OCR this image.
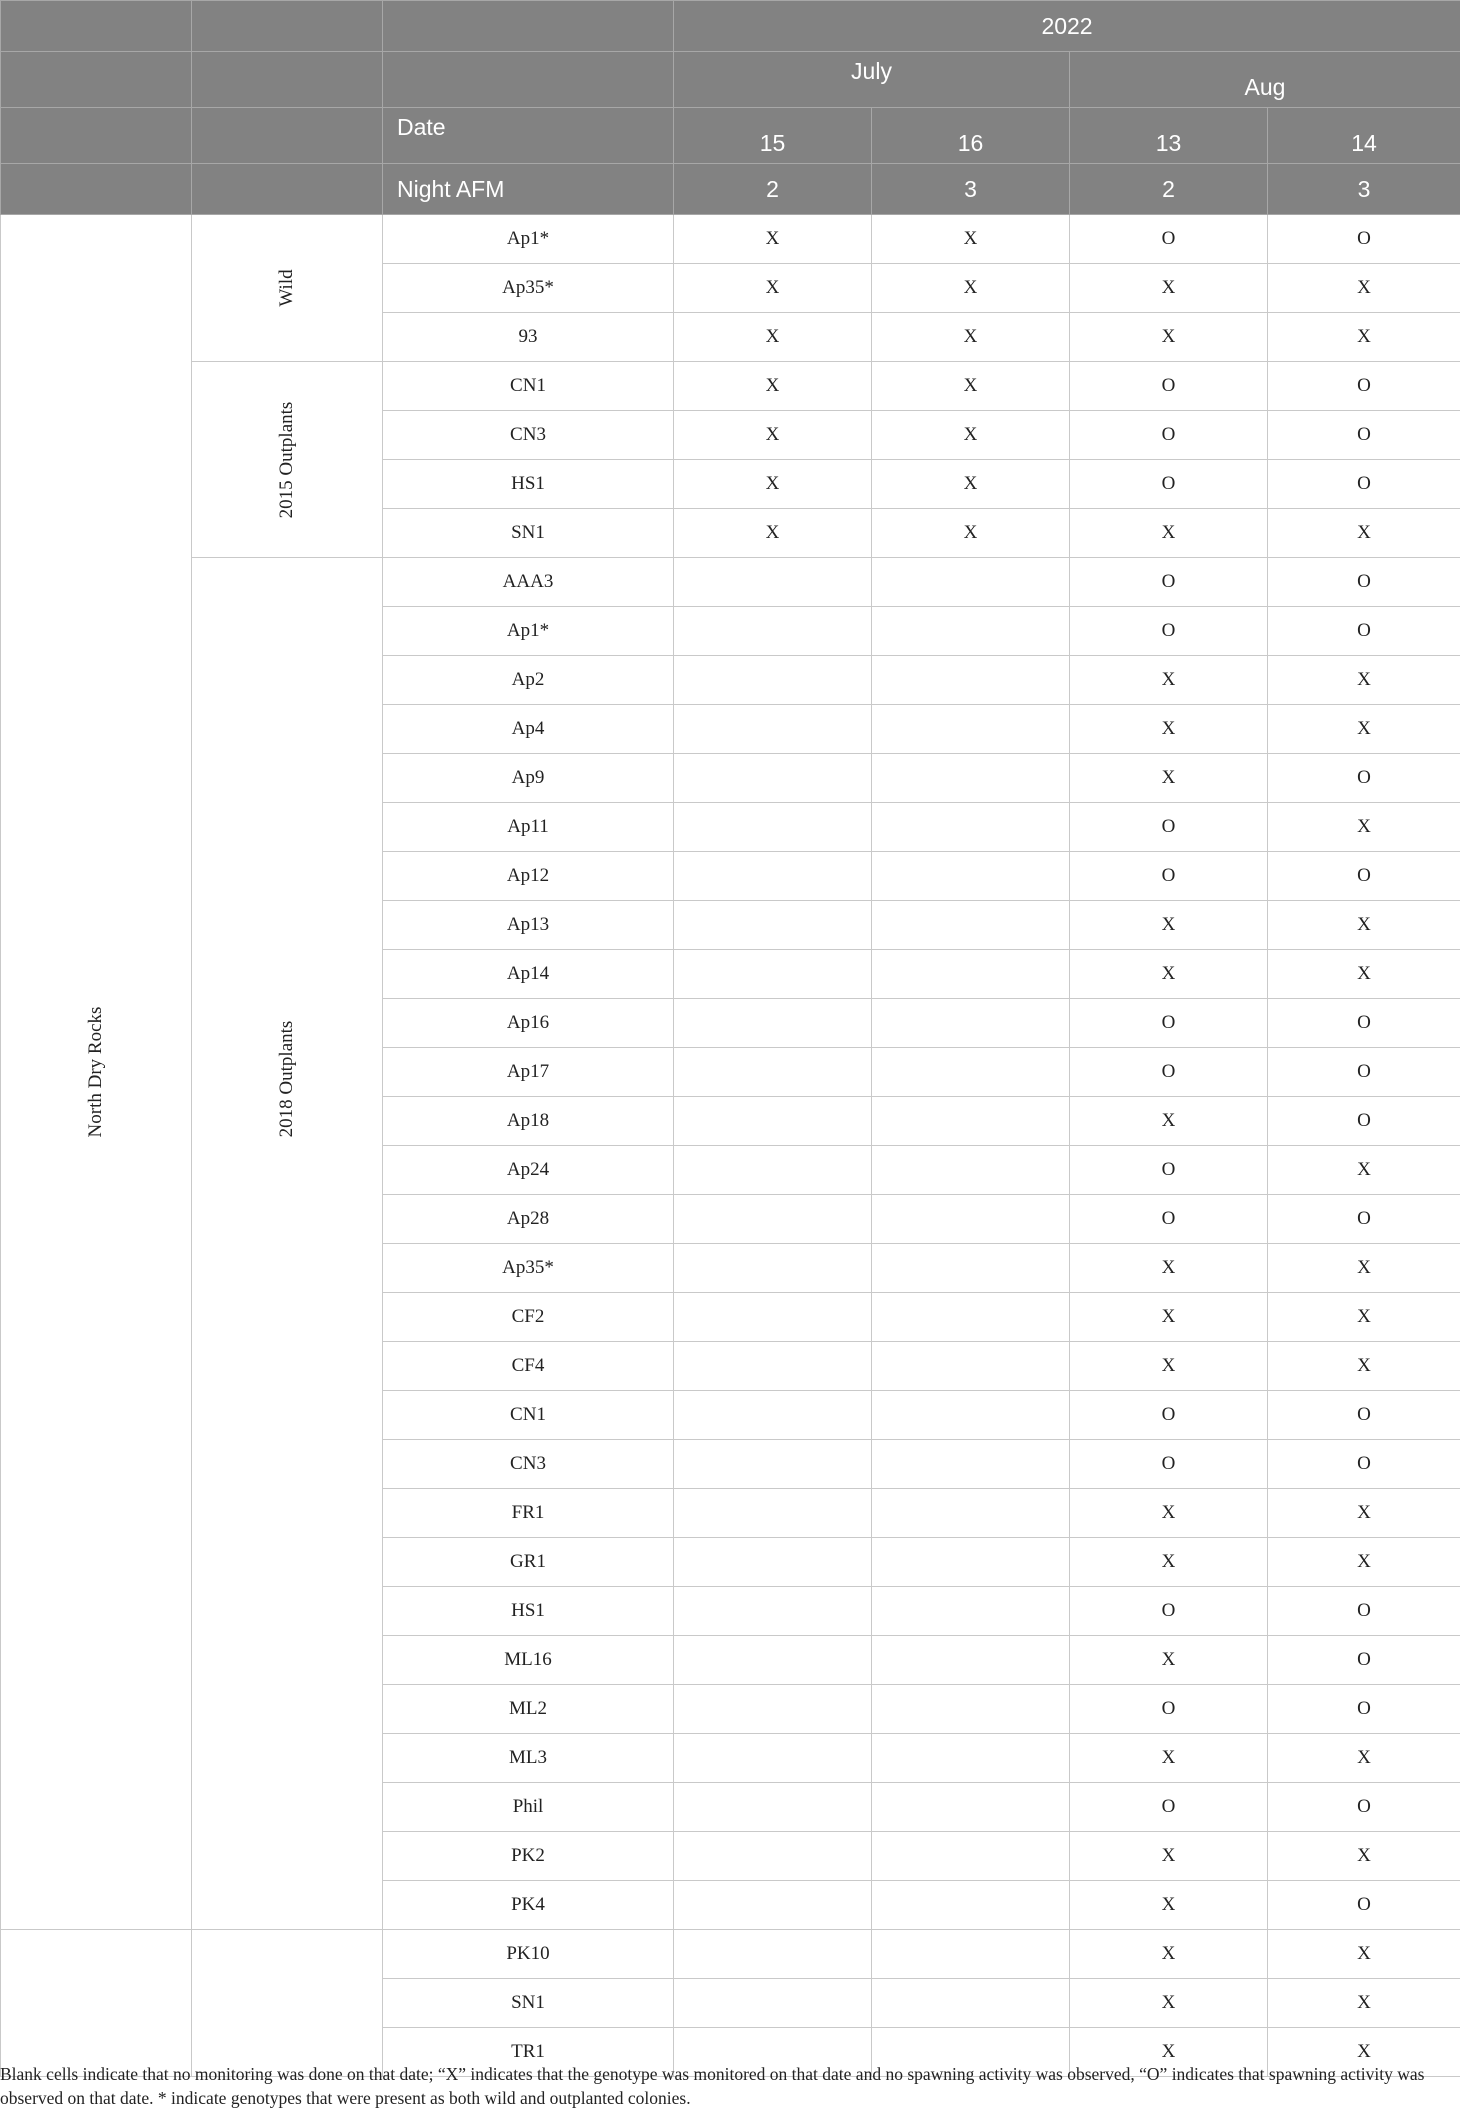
			2022			
			July		Aug	
		Date	15	16	13	14
		Night AFM	2	3	2	3

North Dry Rocks	Wild	Ap1*	X	X	O	O
		Ap35*	X	X	X	X
		93	X	X	X	X

	2015 Outplants	CN1	X	X	O	O
		CN3	X	X	O	O
		HS1	X	X	O	O
		SN1	X	X	X	X

	2018 Outplants	AAA3			O	O
		Ap1*			O	O
		Ap2			X	X
		Ap4			X	X
		Ap9			X	O
		Ap11			O	X
		Ap12			O	O
		Ap13			X	X
		Ap14			X	X
		Ap16			O	O
		Ap17			O	O
		Ap18			X	O
		Ap24			O	X
		Ap28			O	O
		Ap35*			X	X
		CF2			X	X
		CF4			X	X
		CN1			O	O
		CN3			O	O
		FR1			X	X
		GR1			X	X
		HS1			O	O
		ML16			X	O
		ML2			O	O
		ML3			X	X
		Phil			O	O
		PK2			X	X
		PK4			X	O
		PK10			X	X
		SN1			X	X
		TR1			X	X
Blank cells indicate that no monitoring was done on that date; “X” indicates that the genotype was monitored on that date and no spawning activity was observed, “O” indicates that spawning activity was observed on that date. * indicate genotypes that were present as both wild and outplanted colonies.
